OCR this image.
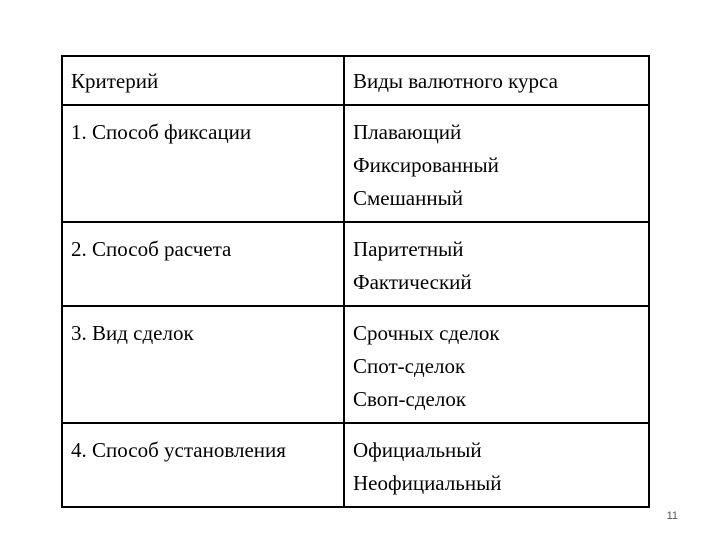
Критерий	Виды валютного курса
1. Способ фиксации	Плавающий
Фиксированный
Смешанный

2. Способ расчета	Паритетный
Фактический

3. Вид сделок	Срочных сделок
Спот-сделок
Своп-сделок

4. Способ установления	Официальный
Неофициальный
11
